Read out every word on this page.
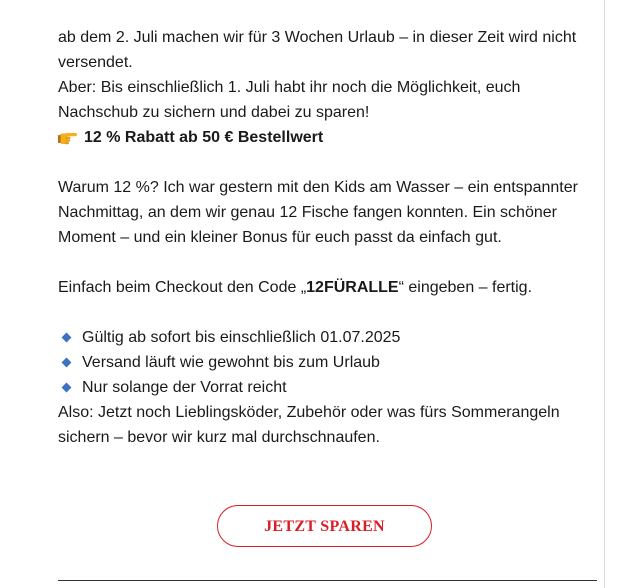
ab dem 2. Juli machen wir für 3 Wochen Urlaub – in dieser Zeit wird nicht versendet.

Aber: Bis einschließlich 1. Juli habt ihr noch die Möglichkeit, euch Nachschub zu sichern und dabei zu sparen!

12 % Rabatt ab 50 € Bestellwert

Warum 12 %? Ich war gestern mit den Kids am Wasser – ein entspannter Nachmittag, an dem wir genau 12 Fische fangen konnten. Ein schöner Moment – und ein kleiner Bonus für euch passt da einfach gut.

Einfach beim Checkout den Code „12FÜRALLE“ eingeben – fertig.

Gültig ab sofort bis einschließlich 01.07.2025
Versand läuft wie gewohnt bis zum Urlaub
Nur solange der Vorrat reicht

Also: Jetzt noch Lieblingsköder, Zubehör oder was fürs Sommerangeln sichern – bevor wir kurz mal durchschnaufen.

JETZT SPAREN
